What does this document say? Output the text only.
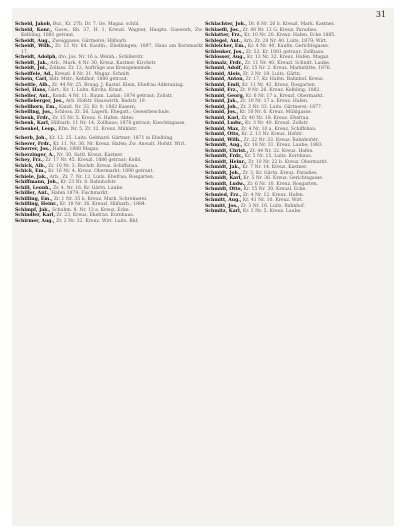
31

Scheid, Jakob, Bur., Kr. 27b, Dr. 7. Ge. Magaz. schül.

Scheid, Konr., Gasw., Rh. 37, H. 1, Kreuzl. Wagner, Haupts. Gaswerk, Zw. Kelbling, 1881 getraut.

Scheidt, Aug., Zweiggasse, Gärtnerei; Hilfsarb.

Scheidt, Wilh., Zr. 12 Nr. 64. Kaufm.; Ebelbingen; 1897, Haus am Kornmarkt 17.

Scheidt, Adolph, dto. Jos. Nr. 16 a. Weinh.; Schillerstr.

Scheidt, Jak., Arb., Mark. 4 Nr. 30, Kreuz. Kastner, Kirchstr.

Scheidt, Jul., Zollass. Zr. 13, Aufträge aus Kreisgemeinde.

Scheiffele, Ad., Kreuzl. 8 Nr. 31. Magaz. Schnitt.

Schein, Carl, bldr. Mstr.; Kehlhof; 1880 getraut.

Scheitle, Alb., Zr. 44 Nr. 25, Braug. J. Kastel. Klein, Ehefrau Adleranlag.

Schel, Hans, Gärt., Kr. 1. Luits. Kirchs. Kraut.

Scheller, Ant., Kondi. 4 Nr. 11. Baum. Ladan; 1874 getraut; Zollstr.

Schelleberger, Jos., Arb. Hofstr. Hauswirth, Badstr. 19.

Schellhorn, Em., Kanzl. Nr. 33, Kr. 9, 1882 Kasern.

Schelling, Jos., Schloss. Zr. 56. Lagerh. Ehegatt.; Gewerbeschule.

Schenk, Frdr., Zr. 15 Nr. 5. Kreuz. 6. Hafen. Abtei.

Schenk, Karl, Hilfsarb. 11 Nr. 14. Zollhaus; 1878 getraut; Knechtsgasse.

Schenkel, Leop., Kfm. Nr. 5, Zr. 12. Kreuz. Mühlstr.

Scherb, Joh., Kr. 12. 25. Luits. Gebhard. Gärtner; 1871 in Ebelbing.

Scherer, Frdr., Kr. 11. Nr. 36, Nr. Kreuz. Hafen; Zw. Anwalt. Hofstr. Wirt.

Scherrer, Jos., Hafen; 1888 Magaz.

Scherzinger, A., Nr. 30. Sattl. Kreuz. Kastner.

Schey, Frz., Zr. 17 Nr. 45. Kreuzl. 1886 getraut; Kelbl.

Schick, Alb., Zr. 10 Nr. 3. Buchdr. Kreuz. Schiffsbau.

Schick, Em., Kr. 16 Nr. 4. Kreuz. Obermarkt; 1890 getraut.

Schiele, Jak., Arb., Zr. 7. Nr. 12. Luits. Ehefrau; Rosgarten.

Schiffmann, Joh., Kr. 23 Nr. 8. Bahnhofstr.

Schill, Leonh., Zr. 4, Nr. 16. Kr. Gärtn. Laube.

Schiller, Ant., Hafen 1879; Fischmarkt.

Schilling, Em., Zr. 1 Nr. 35 b. Kreuz. Mark. Schreinerei.

Schilling, Heinr., Kr. 18 Nr. 36. Kreuzl. Hilfsarb.; 1884.

Schimpf, Jak., Schuhm. 8. Nr. 13 a. Kreuz. Ecke.

Schindler, Karl, Zr. 23, Kreuz. Ehefrau. Kornhaus.

Schirmer, Aug., Zr. 2 Nr. 32. Kreuz. Wirt. Luits. Bhf.

Schlachter, Joh., Dr. 6 Nr. 26 b. Kreuzl. Mark. Kastner.

Schlaefli, Jos., Zr. 48 Nr. 12 G. Kreuz. Paradies.

Schlatter, Frz., Kr. 10 Nr. 20. Kreuz. Hafen. Ecke 1885.

Schlegel, Ant., Arb. Zr. 28 Nr. 40. Luits. 1879; Wirt.

Schleicher, Em., Kr. 4 Nr. 40, Kaufm. Gerichtsgasse.

Schlenker, Jos., Zr. 53. Kr. 1881 getraut; Zollhaus.

Schlosser, Aug., Kr. 13 Nr. 32. Kreuz. Hafen. Magaz.

Schmalz, Frdr., Zr. 11 Nr. 40. Kreuzl. Schnitt. Laube.

Schmid, Adolf, Kr. 15 Nr. 2. Kreuz. Markstätte; 1876.

Schmid, Alois, Zr. 2 Nr. 18. Luits. Gärtn.

Schmid, Anton, Zr. 17, Kr. Hafen. Bahnhof. Kreuz.

Schmid, Emil, Kr. 11 Nr. 42. Kreuz. Rosgarten.

Schmid, Frz., Zr. 9 Nr. 26. Kreuz. Kelbling; 1882.

Schmid, Georg, Kr. 6 Nr. 17 a. Kreuzl. Obermarkt.

Schmid, Jak., Zr. 10 Nr. 17 a. Kreuz. Hafen.

Schmid, Joh., Zr. 3 Nr. 33. Luits. Gärtnerei; 1877.

Schmid, Jos., Kr. 10 Nr. 6. Kreuz. Mühlgasse.

Schmid, Karl, Zr. 40 Nr. 18. Kreuz. Ehefrau.

Schmid, Ludw., Kr. 3 Nr. 40. Kreuzl. Zollstr.

Schmid, Max, Zr. 4 Nr. 10 a. Kreuz. Schiffsbau.

Schmid, Otto, Kr. 2. 13 Nr. Kreuz. Hofstr.

Schmid, Wilh., Zr. 22 Nr. 33. Kreuz. Bahnhofstr.

Schmidt, Aug., Kr. 18 Nr. 31. Kreuz. Laube; 1883.

Schmidt, Christ., Zr. 44 Nr. 32. Kreuz. Hafen.

Schmidt, Frdr., Kr. 5 Nr. 15. Luits. Kornhaus.

Schmidt, Heinr., Zr. 10 Nr. 22 b. Kreuz. Obermarkt.

Schmidt, Jak., Kr. 7 Nr. 14. Kreuz. Kastner.

Schmidt, Joh., Zr. 3, Kr. Gärtn. Kreuz. Paradies.

Schmidt, Karl, Kr. 5 Nr. 36. Kreuz. Gerichtsgasse.

Schmidt, Ludw., Zr. 6 Nr. 10. Kreuz. Rosgarten.

Schmidt, Otto, Kr. 15 Nr. 30. Kreuzl. Ecke.

Schmied, Frz., Zr. 4 Nr. 12. Kreuz. Hafen.

Schmitt, Aug., Kr. 41 Nr. 10. Kreuz. Wirt.

Schmitt, Jos., Zr. 3 Nr. 16. Luits. Bahnhof.

Schmitz, Karl, Kr. 2 Nr. 5. Kreuz. Laube.
